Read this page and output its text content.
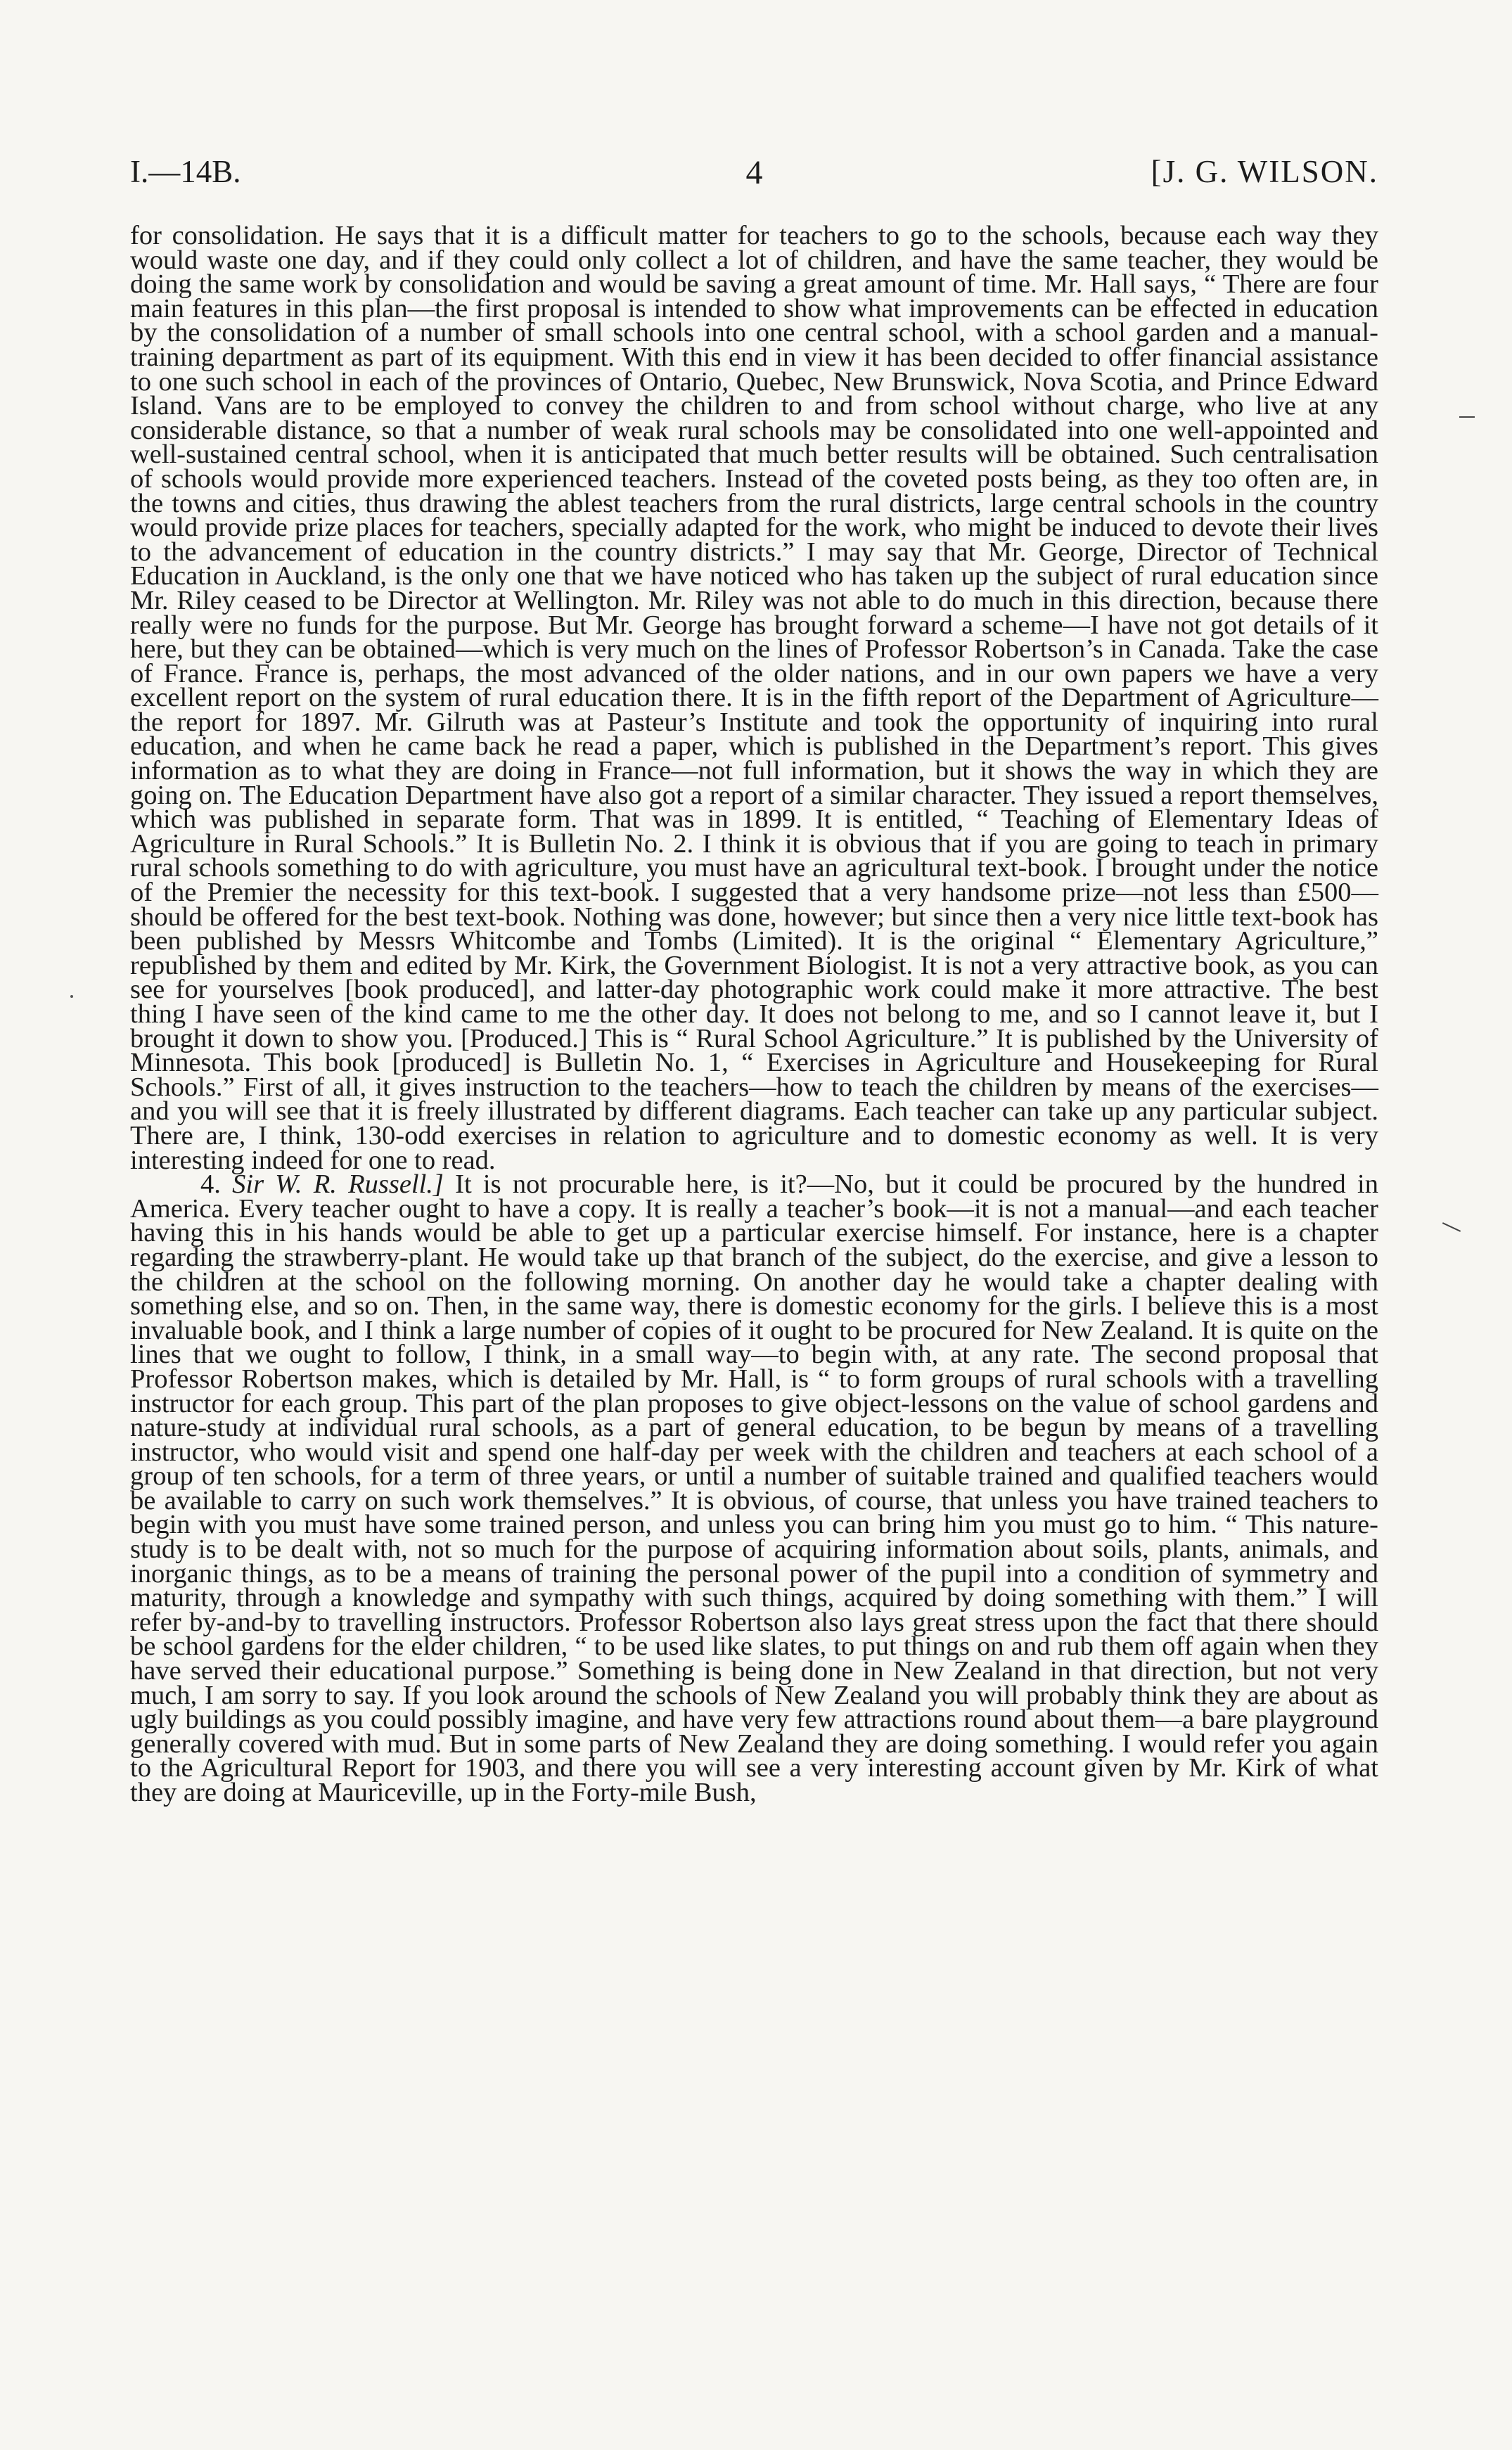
I.—14B.	4	[J. G. WILSON.

for consolidation. He says that it is a difficult matter for teachers to go to the schools, because each way they would waste one day, and if they could only collect a lot of children, and have the same teacher, they would be doing the same work by consolidation and would be saving a great amount of time. Mr. Hall says, “ There are four main features in this plan—the first proposal is intended to show what improvements can be effected in education by the consolidation of a number of small schools into one central school, with a school garden and a manual-training department as part of its equipment. With this end in view it has been decided to offer financial assistance to one such school in each of the provinces of Ontario, Quebec, New Brunswick, Nova Scotia, and Prince Edward Island. Vans are to be employed to convey the children to and from school without charge, who live at any considerable distance, so that a number of weak rural schools may be consolidated into one well-appointed and well-sustained central school, when it is anticipated that much better results will be obtained. Such centralisation of schools would provide more experienced teachers. Instead of the coveted posts being, as they too often are, in the towns and cities, thus drawing the ablest teachers from the rural districts, large central schools in the country would provide prize places for teachers, specially adapted for the work, who might be induced to devote their lives to the advancement of education in the country districts.” I may say that Mr. George, Director of Technical Education in Auckland, is the only one that we have noticed who has taken up the subject of rural education since Mr. Riley ceased to be Director at Wellington. Mr. Riley was not able to do much in this direction, because there really were no funds for the purpose. But Mr. George has brought forward a scheme—I have not got details of it here, but they can be obtained—which is very much on the lines of Professor Robertson’s in Canada. Take the case of France. France is, perhaps, the most advanced of the older nations, and in our own papers we have a very excellent report on the system of rural education there. It is in the fifth report of the Department of Agriculture—the report for 1897. Mr. Gilruth was at Pasteur’s Institute and took the opportunity of inquiring into rural education, and when he came back he read a paper, which is published in the Department’s report. This gives information as to what they are doing in France—not full information, but it shows the way in which they are going on. The Education Department have also got a report of a similar character. They issued a report themselves, which was published in separate form. That was in 1899. It is entitled, “ Teaching of Elementary Ideas of Agriculture in Rural Schools.” It is Bulletin No. 2. I think it is obvious that if you are going to teach in primary rural schools something to do with agriculture, you must have an agricultural text-book. I brought under the notice of the Premier the necessity for this text-book. I suggested that a very handsome prize—not less than £500—should be offered for the best text-book. Nothing was done, however; but since then a very nice little text-book has been published by Messrs Whitcombe and Tombs (Limited). It is the original “ Elementary Agriculture,” republished by them and edited by Mr. Kirk, the Government Biologist. It is not a very attractive book, as you can see for yourselves [book produced], and latter-day photographic work could make it more attractive. The best thing I have seen of the kind came to me the other day. It does not belong to me, and so I cannot leave it, but I brought it down to show you. [Produced.] This is “ Rural School Agriculture.” It is published by the University of Minnesota. This book [produced] is Bulletin No. 1, “ Exercises in Agriculture and Housekeeping for Rural Schools.” First of all, it gives instruction to the teachers—how to teach the children by means of the exercises—and you will see that it is freely illustrated by different diagrams. Each teacher can take up any particular subject. There are, I think, 130-odd exercises in relation to agriculture and to domestic economy as well. It is very interesting indeed for one to read.

4. Sir W. R. Russell.] It is not procurable here, is it?—No, but it could be procured by the hundred in America. Every teacher ought to have a copy. It is really a teacher’s book—it is not a manual—and each teacher having this in his hands would be able to get up a particular exercise himself. For instance, here is a chapter regarding the strawberry-plant. He would take up that branch of the subject, do the exercise, and give a lesson to the children at the school on the following morning. On another day he would take a chapter dealing with something else, and so on. Then, in the same way, there is domestic economy for the girls. I believe this is a most invaluable book, and I think a large number of copies of it ought to be procured for New Zealand. It is quite on the lines that we ought to follow, I think, in a small way—to begin with, at any rate. The second proposal that Professor Robertson makes, which is detailed by Mr. Hall, is “ to form groups of rural schools with a travelling instructor for each group. This part of the plan proposes to give object-lessons on the value of school gardens and nature-study at individual rural schools, as a part of general education, to be begun by means of a travelling instructor, who would visit and spend one half-day per week with the children and teachers at each school of a group of ten schools, for a term of three years, or until a number of suitable trained and qualified teachers would be available to carry on such work themselves.” It is obvious, of course, that unless you have trained teachers to begin with you must have some trained person, and unless you can bring him you must go to him. “ This nature-study is to be dealt with, not so much for the purpose of acquiring information about soils, plants, animals, and inorganic things, as to be a means of training the personal power of the pupil into a condition of symmetry and maturity, through a knowledge and sympathy with such things, acquired by doing something with them.” I will refer by-and-by to travelling instructors. Professor Robertson also lays great stress upon the fact that there should be school gardens for the elder children, “ to be used like slates, to put things on and rub them off again when they have served their educational purpose.” Something is being done in New Zealand in that direction, but not very much, I am sorry to say. If you look around the schools of New Zealand you will probably think they are about as ugly buildings as you could possibly imagine, and have very few attractions round about them—a bare playground generally covered with mud. But in some parts of New Zealand they are doing something. I would refer you again to the Agricultural Report for 1903, and there you will see a very interesting account given by Mr. Kirk of what they are doing at Mauriceville, up in the Forty-mile Bush,
